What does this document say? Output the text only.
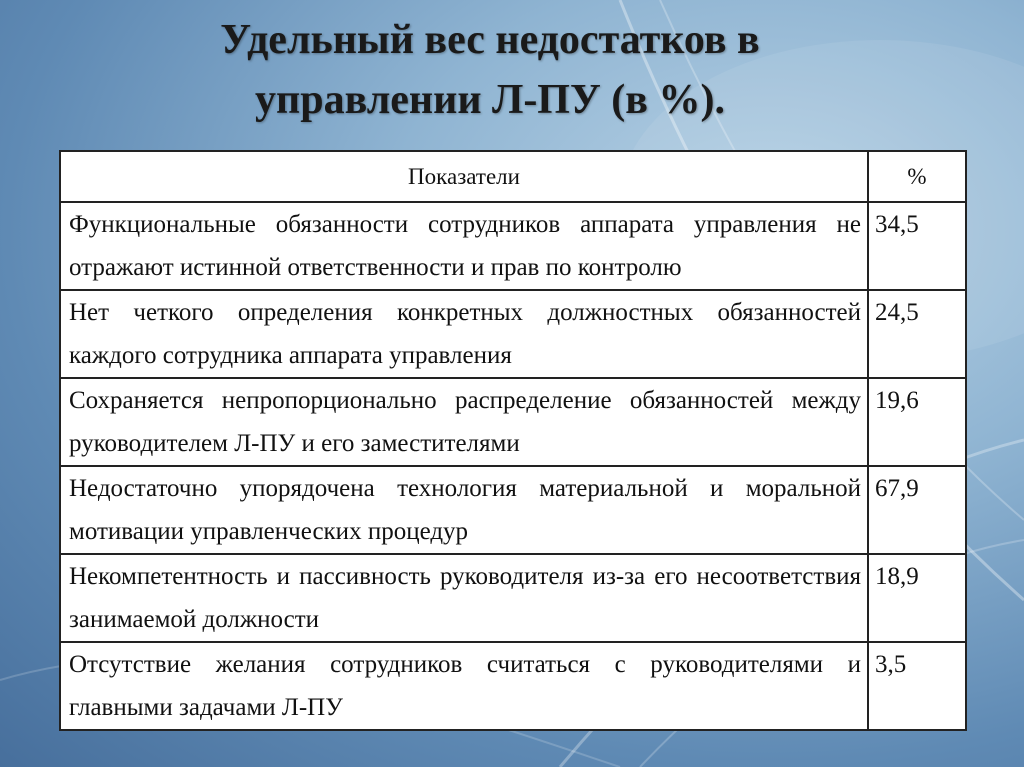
Удельный вес недостатков в
управлении Л-ПУ (в %).
Показатели	%
Функциональные обязанности сотрудников аппарата управления не отражают истинной ответственности и прав по контролю	34,5
Нет четкого определения конкретных должностных обязанностей каждого сотрудника аппарата управления	24,5
Сохраняется непропорционально распределение обязанностей между руководителем Л-ПУ и его заместителями	19,6
Недостаточно упорядочена технология материальной и моральной мотивации управленческих процедур	67,9
Некомпетентность и пассивность руководителя из-за его несоответствия занимаемой должности	18,9
Отсутствие желания сотрудников считаться с руководителями и главными задачами Л-ПУ	3,5
